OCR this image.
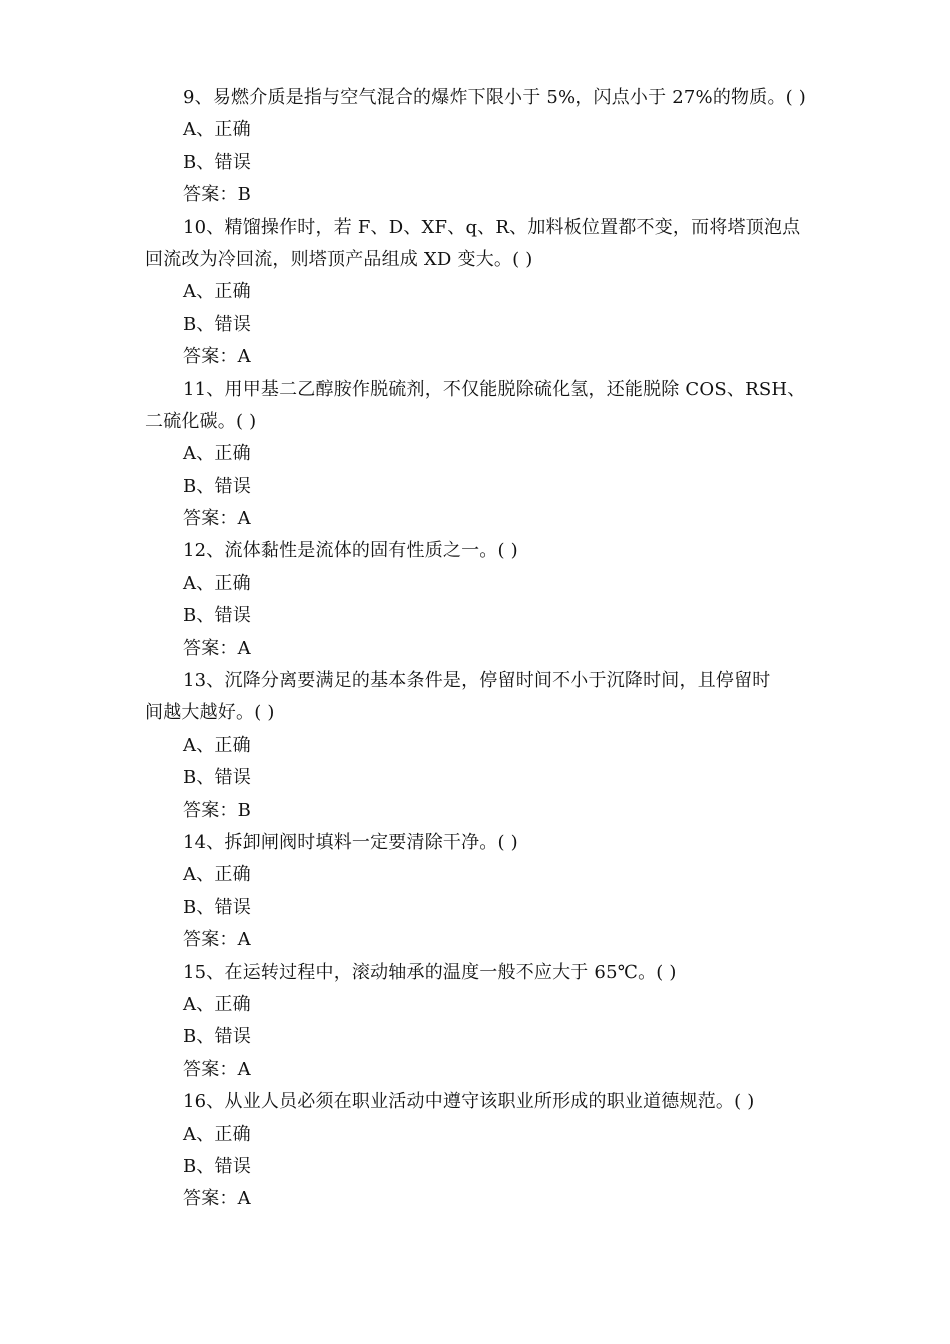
9、易燃介质是指与空气混合的爆炸下限小于 5%，闪点小于 27%的物质。( )
A、正确
B、错误
答案：B
10、精馏操作时，若 F、D、XF、q、R、加料板位置都不变，而将塔顶泡点
回流改为冷回流，则塔顶产品组成 XD 变大。( )
A、正确
B、错误
答案：A
11、用甲基二乙醇胺作脱硫剂，不仅能脱除硫化氢，还能脱除 COS、RSH、
二硫化碳。( )
A、正确
B、错误
答案：A
12、流体黏性是流体的固有性质之一。( )
A、正确
B、错误
答案：A
13、沉降分离要满足的基本条件是，停留时间不小于沉降时间，且停留时
间越大越好。( )
A、正确
B、错误
答案：B
14、拆卸闸阀时填料一定要清除干净。( )
A、正确
B、错误
答案：A
15、在运转过程中，滚动轴承的温度一般不应大于 65℃。( )
A、正确
B、错误
答案：A
16、从业人员必须在职业活动中遵守该职业所形成的职业道德规范。( )
A、正确
B、错误
答案：A
